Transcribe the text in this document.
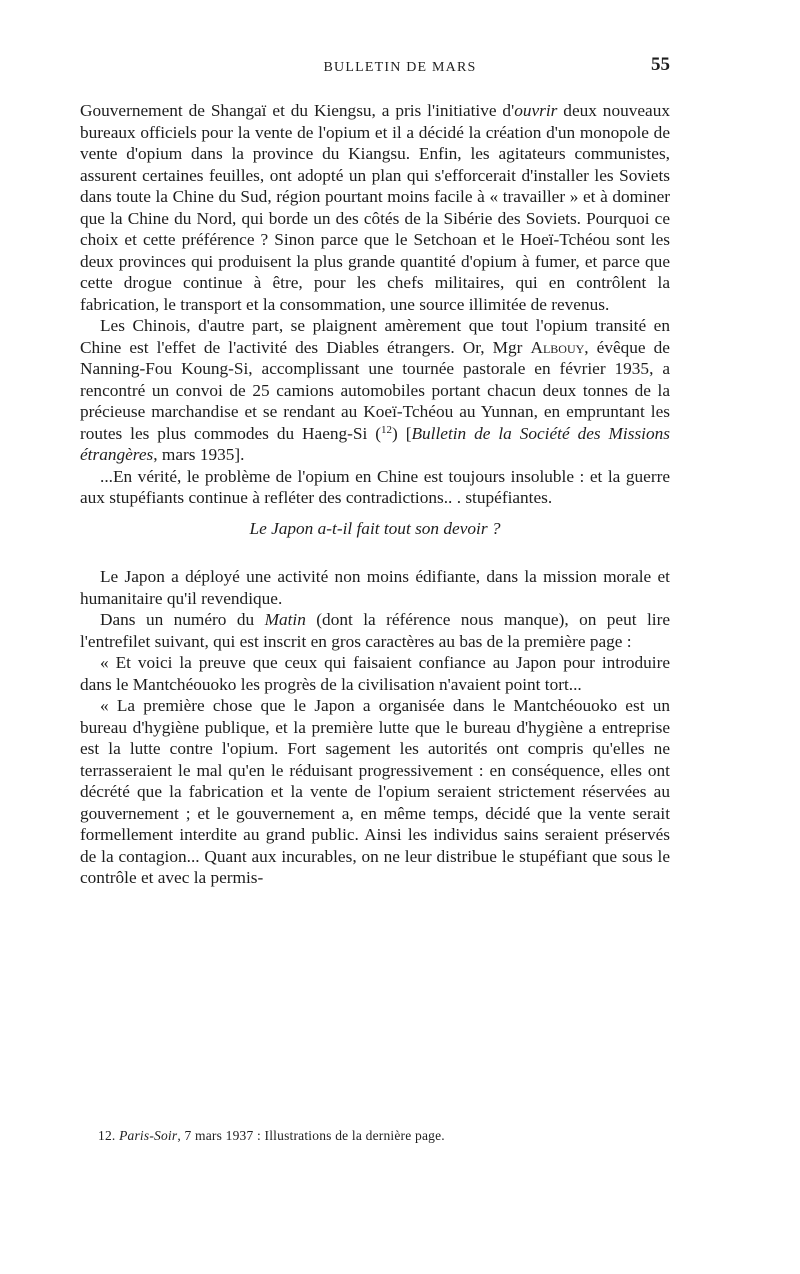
BULLETIN DE MARS	55

Gouvernement de Shangaï et du Kiengsu, a pris l'initiative d'ouvrir deux nouveaux bureaux officiels pour la vente de l'opium et il a décidé la création d'un monopole de vente d'opium dans la province du Kiangsu. Enfin, les agitateurs communistes, assurent certaines feuilles, ont adopté un plan qui s'efforcerait d'installer les Soviets dans toute la Chine du Sud, région pourtant moins facile à « travailler » et à dominer que la Chine du Nord, qui borde un des côtés de la Sibérie des Soviets. Pourquoi ce choix et cette préférence ? Sinon parce que le Setchoan et le Hoeï-Tchéou sont les deux provinces qui produisent la plus grande quantité d'opium à fumer, et parce que cette drogue continue à être, pour les chefs militaires, qui en contrôlent la fabrication, le transport et la consommation, une source illimitée de revenus.

Les Chinois, d'autre part, se plaignent amèrement que tout l'opium transité en Chine est l'effet de l'activité des Diables étrangers. Or, Mgr Albouy, évêque de Nanning-Fou Koung-Si, accomplissant une tournée pastorale en février 1935, a rencontré un convoi de 25 camions automobiles portant chacun deux tonnes de la précieuse marchandise et se rendant au Koeï-Tchéou au Yunnan, en empruntant les routes les plus commodes du Haeng-Si ($^{12}$) [Bulletin de la Société des Missions étrangères, mars 1935].

...En vérité, le problème de l'opium en Chine est toujours insoluble : et la guerre aux stupéfiants continue à refléter des contradictions.. . stupéfiantes.

Le Japon a-t-il fait tout son devoir ?

Le Japon a déployé une activité non moins édifiante, dans la mission morale et humanitaire qu'il revendique.

Dans un numéro du Matin (dont la référence nous manque), on peut lire l'entrefilet suivant, qui est inscrit en gros caractères au bas de la première page :

« Et voici la preuve que ceux qui faisaient confiance au Japon pour introduire dans le Mantchéouoko les progrès de la civilisation n'avaient point tort...

« La première chose que le Japon a organisée dans le Mantchéouoko est un bureau d'hygiène publique, et la première lutte que le bureau d'hygiène a entreprise est la lutte contre l'opium. Fort sagement les autorités ont compris qu'elles ne terrasseraient le mal qu'en le réduisant progressivement : en conséquence, elles ont décrété que la fabrication et la vente de l'opium seraient strictement réservées au gouvernement ; et le gouvernement a, en même temps, décidé que la vente serait formellement interdite au grand public. Ainsi les individus sains seraient préservés de la contagion... Quant aux incurables, on ne leur distribue le stupéfiant que sous le contrôle et avec la permis-

12. Paris-Soir, 7 mars 1937 : Illustrations de la dernière page.
